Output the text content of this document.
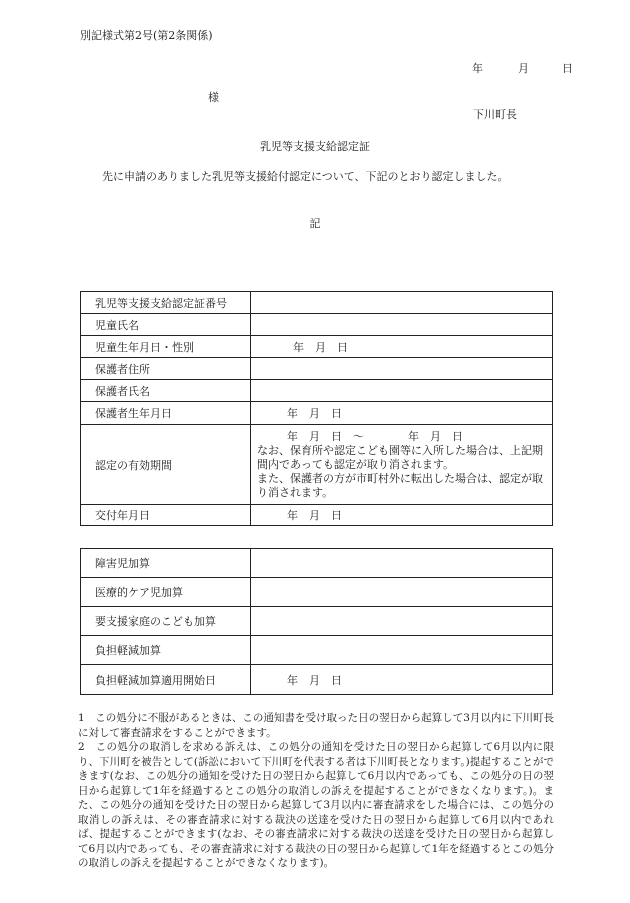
別記様式第2号(第2条関係)
年	月	日
様
下川町長
乳児等支援支給認定証
先に申請のありました乳児等支援給付認定について、下記のとおり認定しました。
記
乳児等支援支給認定証番号	
児童氏名	
児童生年月日・性別	年　月　日
保護者住所	
保護者氏名	
保護者生年月日	年　月　日
認定の有効期間	年　月　日　～　　　　年　月　日
なお、保育所や認定こども園等に入所した場合は、上記期間内であっても認定が取り消されます。
また、保護者の方が市町村外に転出した場合は、認定が取り消されます。

交付年月日	年　月　日
障害児加算	
医療的ケア児加算	
要支援家庭のこども加算	
負担軽減加算	
負担軽減加算適用開始日	年　月　日

1　この処分に不服があるときは、この通知書を受け取った日の翌日から起算して3月以内に下川町長に対して審査請求をすることができます。

2　この処分の取消しを求める訴えは、この処分の通知を受けた日の翌日から起算して6月以内に限り、下川町を被告として(訴訟において下川町を代表する者は下川町長となります。)提起することができます(なお、この処分の通知を受けた日の翌日から起算して6月以内であっても、この処分の日の翌日から起算して1年を経過するとこの処分の取消しの訴えを提起することができなくなります。)。また、この処分の通知を受けた日の翌日から起算して3月以内に審査請求をした場合には、この処分の取消しの訴えは、その審査請求に対する裁決の送達を受けた日の翌日から起算して6月以内であれば、提起することができます(なお、その審査請求に対する裁決の送達を受けた日の翌日から起算して6月以内であっても、その審査請求に対する裁決の日の翌日から起算して1年を経過するとこの処分の取消しの訴えを提起することができなくなります)。
